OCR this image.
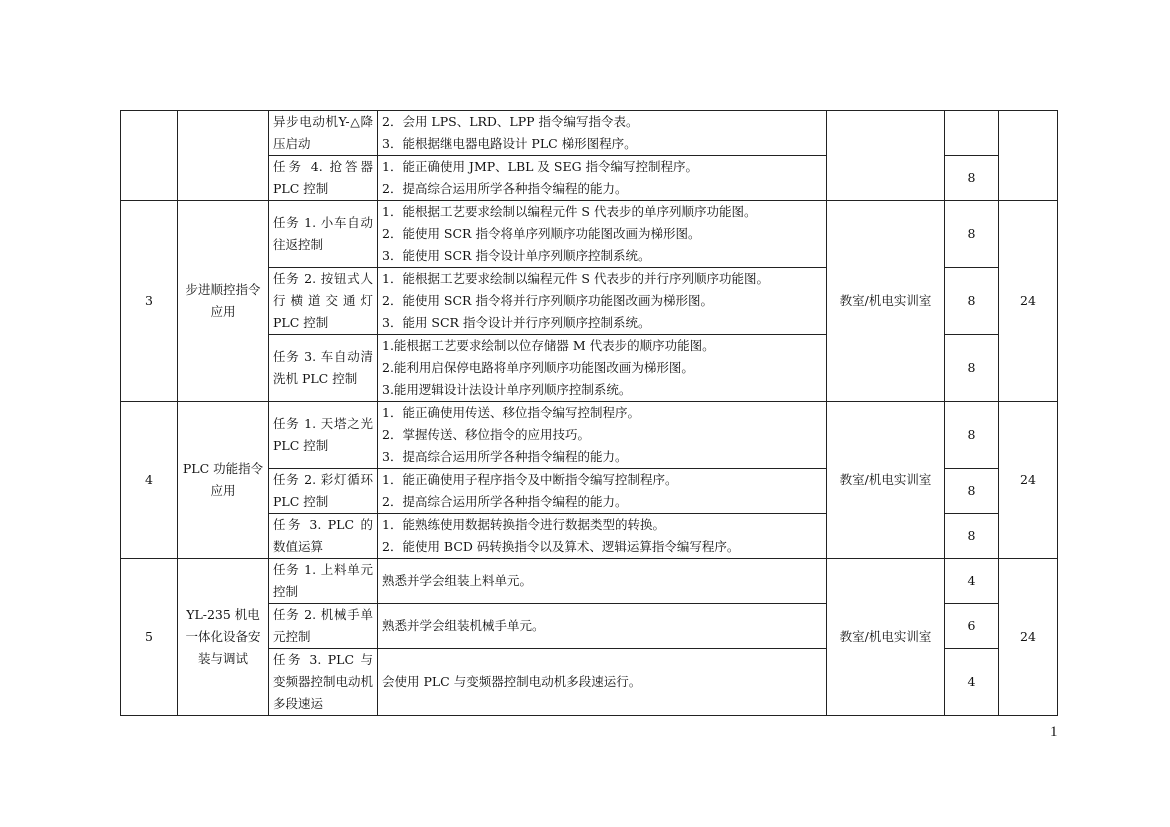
		异步电动机Y-△降压启动	2．会用 LPS、LRD、LPP 指令编写指令表。
3．能根据继电器电路设计 PLC 梯形图程序。			

		任务 4. 抢答器 PLC 控制	1．能正确使用 JMP、LBL 及 SEG 指令编写控制程序。
2．提高综合运用所学各种指令编程的能力。		8	
3	步进顺控指令应用	任务 1. 小车自动往返控制	1．能根据工艺要求绘制以编程元件 S 代表步的单序列顺序功能图。
2．能使用 SCR 指令将单序列顺序功能图改画为梯形图。
3．能使用 SCR 指令设计单序列顺序控制系统。	教室/机电实训室	8	24
		任务 2. 按钮式人行横道交通灯 PLC 控制	1．能根据工艺要求绘制以编程元件 S 代表步的并行序列顺序功能图。
2．能使用 SCR 指令将并行序列顺序功能图改画为梯形图。
3．能用 SCR 指令设计并行序列顺序控制系统。		8	
		任务 3. 车自动清洗机 PLC 控制	1.能根据工艺要求绘制以位存储器 M 代表步的顺序功能图。
2.能利用启保停电路将单序列顺序功能图改画为梯形图。
3.能用逻辑设计法设计单序列顺序控制系统。		8	
4	PLC 功能指令应用	任务 1. 天塔之光 PLC 控制	1．能正确使用传送、移位指令编写控制程序。
2．掌握传送、移位指令的应用技巧。
3．提高综合运用所学各种指令编程的能力。	教室/机电实训室	8	24
		任务 2. 彩灯循环 PLC 控制	1．能正确使用子程序指令及中断指令编写控制程序。
2．提高综合运用所学各种指令编程的能力。		8	
		任务 3. PLC 的数值运算	1．能熟练使用数据转换指令进行数据类型的转换。
2．能使用 BCD 码转换指令以及算术、逻辑运算指令编写程序。		8	
5	YL-235 机电一体化设备安装与调试	任务 1. 上料单元控制	熟悉并学会组装上料单元。	教室/机电实训室	4	24
		任务 2. 机械手单元控制	熟悉并学会组装机械手单元。		6	
		任务 3. PLC 与变频器控制电动机多段速运	会使用 PLC 与变频器控制电动机多段速运行。		4	
1
